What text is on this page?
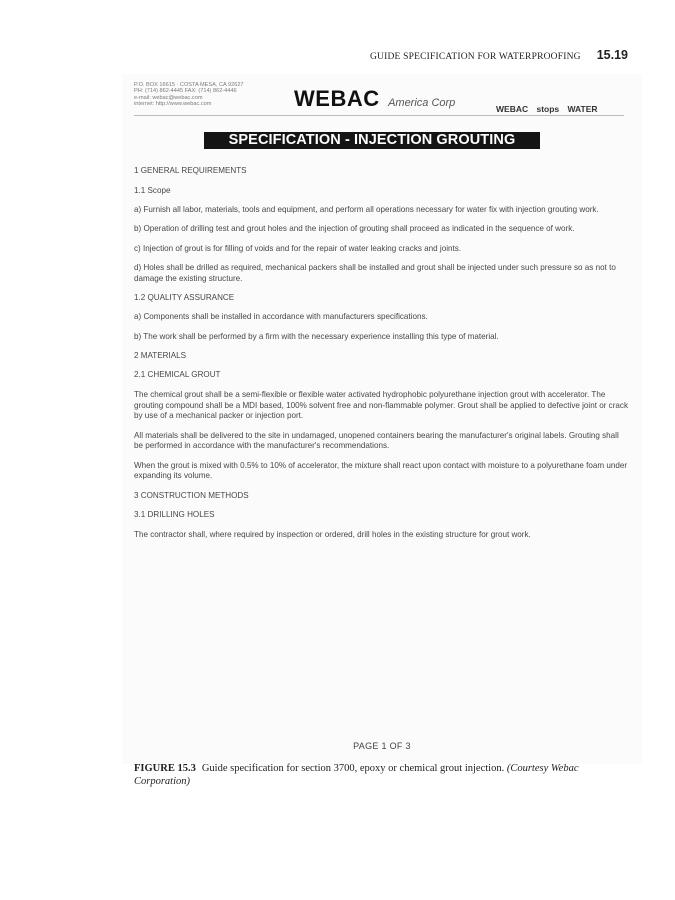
GUIDE SPECIFICATION FOR WATERPROOFING 15.19
P.O. BOX 16615 · COSTA MESA, CA 92627
PH: (714) 862-4445 FAX: (714) 862-4446
e-mail: webac@webac.com
internet: http://www.webac.com	WEBAC America Corp	WEBAC stops WATER
SPECIFICATION - INJECTION GROUTING

1 GENERAL REQUIREMENTS

1.1 Scope

a) Furnish all labor, materials, tools and equipment, and perform all operations necessary for water fix with injection grouting work.

b) Operation of drilling test and grout holes and the injection of grouting shall proceed as indicated in the sequence of work.

c) Injection of grout is for filling of voids and for the repair of water leaking cracks and joints.

d) Holes shall be drilled as required, mechanical packers shall be installed and grout shall be injected under such pressure so as not to damage the existing structure.

1.2 QUALITY ASSURANCE

a) Components shall be installed in accordance with manufacturers specifications.

b) The work shall be performed by a firm with the necessary experience installing this type of material.

2 MATERIALS

2.1 CHEMICAL GROUT

The chemical grout shall be a semi-flexible or flexible water activated hydrophobic polyurethane injection grout with accelerator. The grouting compound shall be a MDI based, 100% solvent free and non-flammable polymer. Grout shall be applied to defective joint or crack by use of a mechanical packer or injection port.

All materials shall be delivered to the site in undamaged, unopened containers bearing the manufacturer's original labels. Grouting shall be performed in accordance with the manufacturer's recommendations.

When the grout is mixed with 0.5% to 10% of accelerator, the mixture shall react upon contact with moisture to a polyurethane foam under expanding its volume.

3 CONSTRUCTION METHODS

3.1 DRILLING HOLES

The contractor shall, where required by inspection or ordered, drill holes in the existing structure for grout work.

PAGE 1 OF 3
FIGURE 15.3 Guide specification for section 3700, epoxy or chemical grout injection. (Courtesy Webac Corporation)
